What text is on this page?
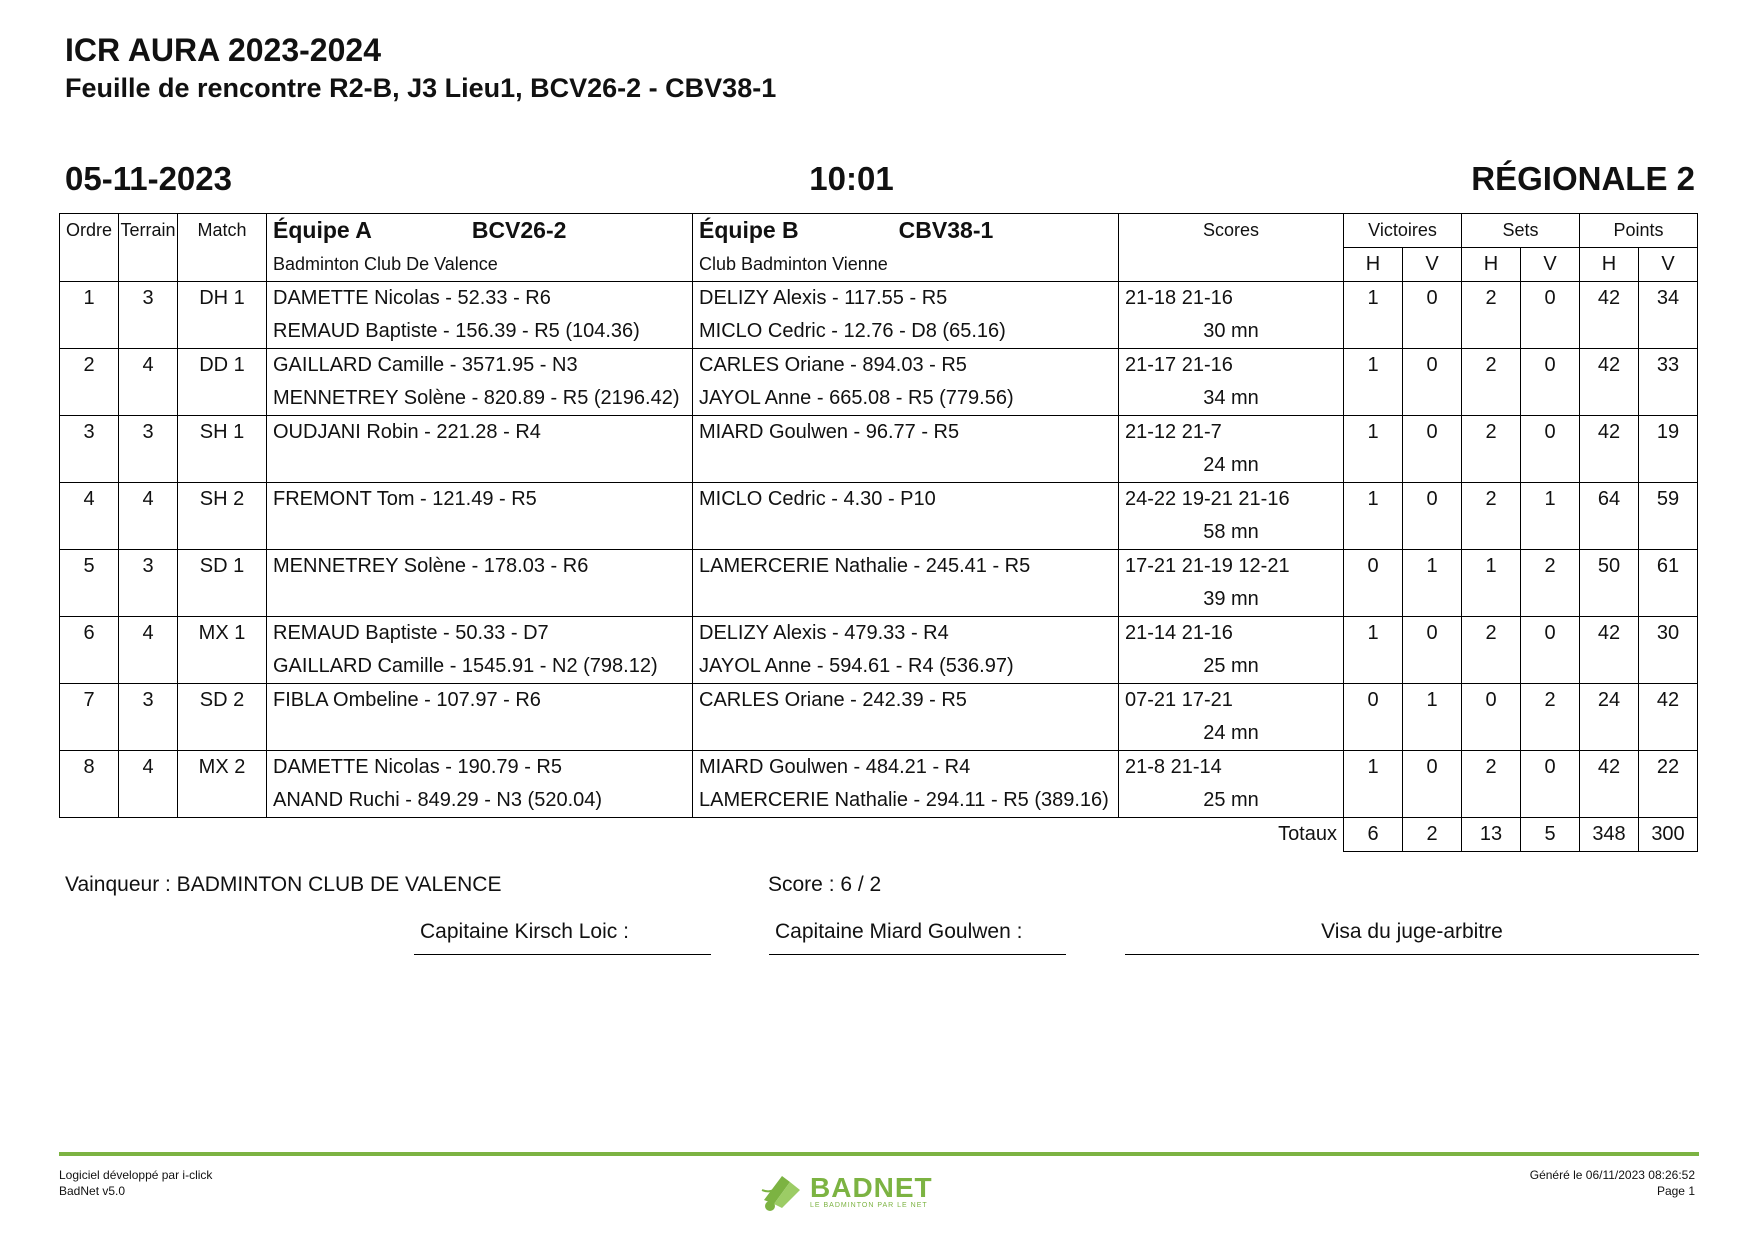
ICR AURA 2023-2024
Feuille de rencontre R2-B, J3 Lieu1, BCV26-2 - CBV38-1
05-11-2023	10:01	RÉGIONALE 2
Ordre	Terrain	Match	Équipe A BCV26-2	Équipe B CBV38-1	Scores	Victoires		Sets		Points	
			Badminton Club De Valence	Club Badminton Vienne		H	V	H	V	H	V
1	3	DH 1	DAMETTE Nicolas - 52.33 - R6	DELIZY Alexis - 117.55 - R5	21-18 21-16	1	0	2	0	42	34
			REMAUD Baptiste - 156.39 - R5 (104.36)	MICLO Cedric - 12.76 - D8 (65.16)	30 mn						

2	4	DD 1	GAILLARD Camille - 3571.95 - N3	CARLES Oriane - 894.03 - R5	21-17 21-16	1	0	2	0	42	33
			MENNETREY Solène - 820.89 - R5 (2196.42)	JAYOL Anne - 665.08 - R5 (779.56)	34 mn						

3	3	SH 1	OUDJANI Robin - 221.28 - R4	MIARD Goulwen - 96.77 - R5	21-12 21-7	1	0	2	0	42	19

					24 mn						

4	4	SH 2	FREMONT Tom - 121.49 - R5	MICLO Cedric - 4.30 - P10	24-22 19-21 21-16	1	0	2	1	64	59

					58 mn						

5	3	SD 1	MENNETREY Solène - 178.03 - R6	LAMERCERIE Nathalie - 245.41 - R5	17-21 21-19 12-21	0	1	1	2	50	61

					39 mn						

6	4	MX 1	REMAUD Baptiste - 50.33 - D7	DELIZY Alexis - 479.33 - R4	21-14 21-16	1	0	2	0	42	30
			GAILLARD Camille - 1545.91 - N2 (798.12)	JAYOL Anne - 594.61 - R4 (536.97)	25 mn						

7	3	SD 2	FIBLA Ombeline - 107.97 - R6	CARLES Oriane - 242.39 - R5	07-21 17-21	0	1	0	2	24	42

					24 mn						

8	4	MX 2	DAMETTE Nicolas - 190.79 - R5	MIARD Goulwen - 484.21 - R4	21-8 21-14	1	0	2	0	42	22
			ANAND Ruchi - 849.29 - N3 (520.04)	LAMERCERIE Nathalie - 294.11 - R5 (389.16)	25 mn						

Totaux						6	2	13	5	348	300
Vainqueur : BADMINTON CLUB DE VALENCE	Score : 6 / 2
Capitaine Kirsch Loic :	Capitaine Miard Goulwen :	Visa du juge-arbitre
Logiciel développé par i-click
BadNet v5.0	BADNET
LE BADMINTON PAR LE NET
Généré le 06/11/2023 08:26:52
Page 1
